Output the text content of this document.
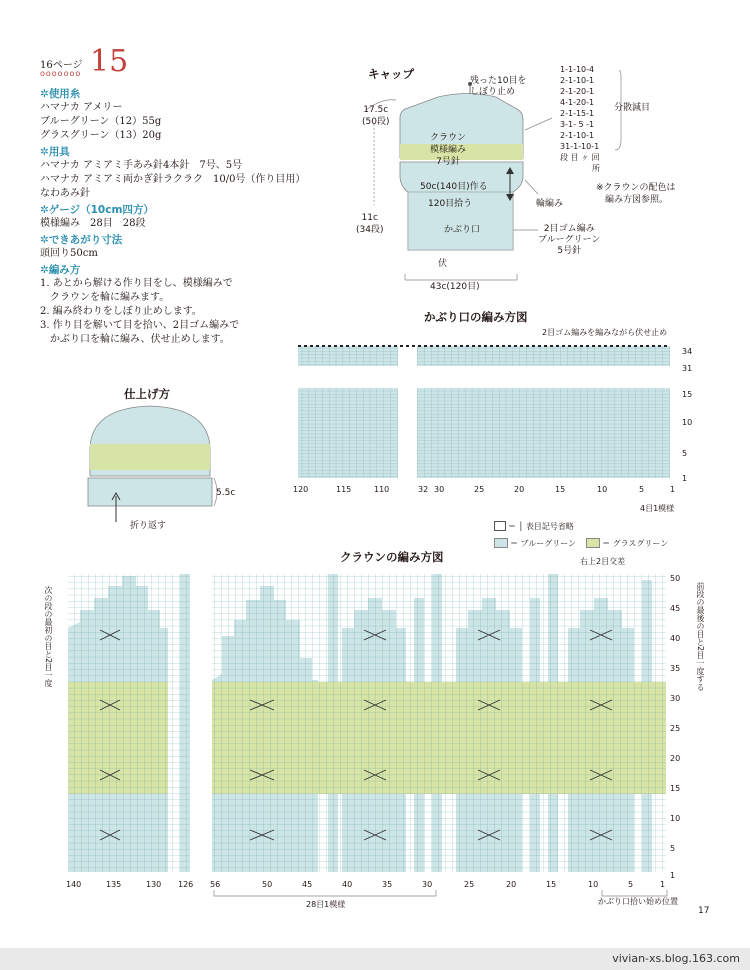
16ページ 15
ooooooo
✲使用糸
ハマナカ アメリー
ブルーグリーン（12）55g
グラスグリーン（13）20g
✲用具
ハマナカ アミアミ手あみ針4本針　7号、5号
ハマナカ アミアミ両かぎ針ラクラク　10/0号（作り目用）
なわあみ針
✲ゲージ（10cm四方）
模様編み　28目　28段
✲できあがり寸法
頭回り50cm
✲編み方
1. あとから解ける作り目をし、模様編みで
　クラウンを輪に編みます。
2. 編み終わりをしぼり止めします。
3. 作り目を解いて目を拾い、2目ゴム編みで
　かぶり口を輪に編み、伏せ止めします。
キャップ	残った10目を
しぼり止め
17.5c
(50段)
11c
(34段)
クラウン
模様編み
7号針
50c(140目)作る
120目拾う
かぶり口
伏
43c(120目)
2目ゴム編み
ブルーグリーン
5号針
輪編み
1-1-10-4
2-1-10-1
2-1-20-1
4-1-20-1
2-1-15-1
3-1- 5 -1
2-1-10-1
31-1-10-1
段 目 ヶ 回
　　　　所
分散減目
※クラウンの配色は
　編み方図参照。
仕上げ方
5.5c
折り返す
かぶり口の編み方図
2目ゴム編みを編みながら伏せ止め
120	115	110	32 30	25	20	15	10	5	1
34
31
15
10
5
1
4目1模様
＝ │ 表目記号省略
＝ ブルーグリーン	＝ グラスグリーン
クラウンの編み方図	右上2目交差
次の段の最初の目と2目一度	前段の最後の目と2目一度する
140	135	130 126 56	50	45	40	35	30	25	20	15	10	5	1
50
45
40
35
30
25
20
15
10
5
1
28目1模様	かぶり口拾い始め位置
17
vivian-xs.blog.163.com
